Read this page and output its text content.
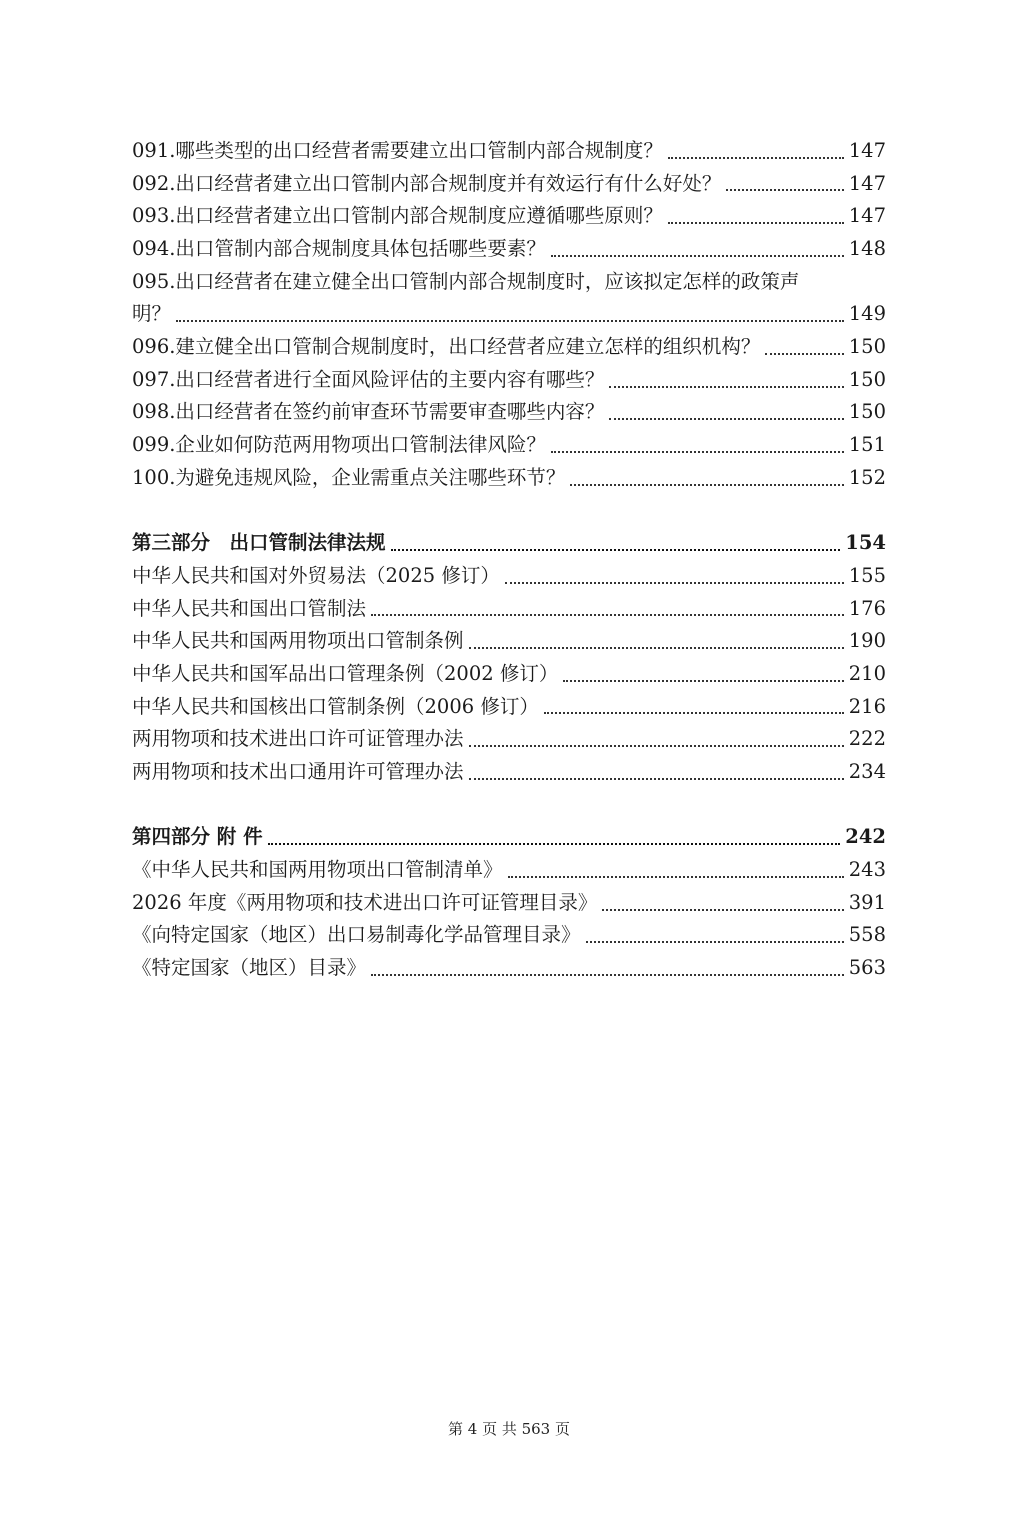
091.哪些类型的出口经营者需要建立出口管制内部合规制度？	147
092.出口经营者建立出口管制内部合规制度并有效运行有什么好处？	147
093.出口经营者建立出口管制内部合规制度应遵循哪些原则？	147
094.出口管制内部合规制度具体包括哪些要素？	148
095.出口经营者在建立健全出口管制内部合规制度时，应该拟定怎样的政策声
明？	149
096.建立健全出口管制合规制度时，出口经营者应建立怎样的组织机构？	150
097.出口经营者进行全面风险评估的主要内容有哪些？	150
098.出口经营者在签约前审查环节需要审查哪些内容？	150
099.企业如何防范两用物项出口管制法律风险？	151
100.为避免违规风险，企业需重点关注哪些环节？	152
第三部分　出口管制法律法规	154
中华人民共和国对外贸易法（2025 修订）	155
中华人民共和国出口管制法	176
中华人民共和国两用物项出口管制条例	190
中华人民共和国军品出口管理条例（2002 修订）	210
中华人民共和国核出口管制条例（2006 修订）	216
两用物项和技术进出口许可证管理办法	222
两用物项和技术出口通用许可管理办法	234
第四部分 附 件	242
《中华人民共和国两用物项出口管制清单》	243
2026 年度《两用物项和技术进出口许可证管理目录》	391
《向特定国家（地区）出口易制毒化学品管理目录》	558
《特定国家（地区）目录》	563
第 4 页 共 563 页
